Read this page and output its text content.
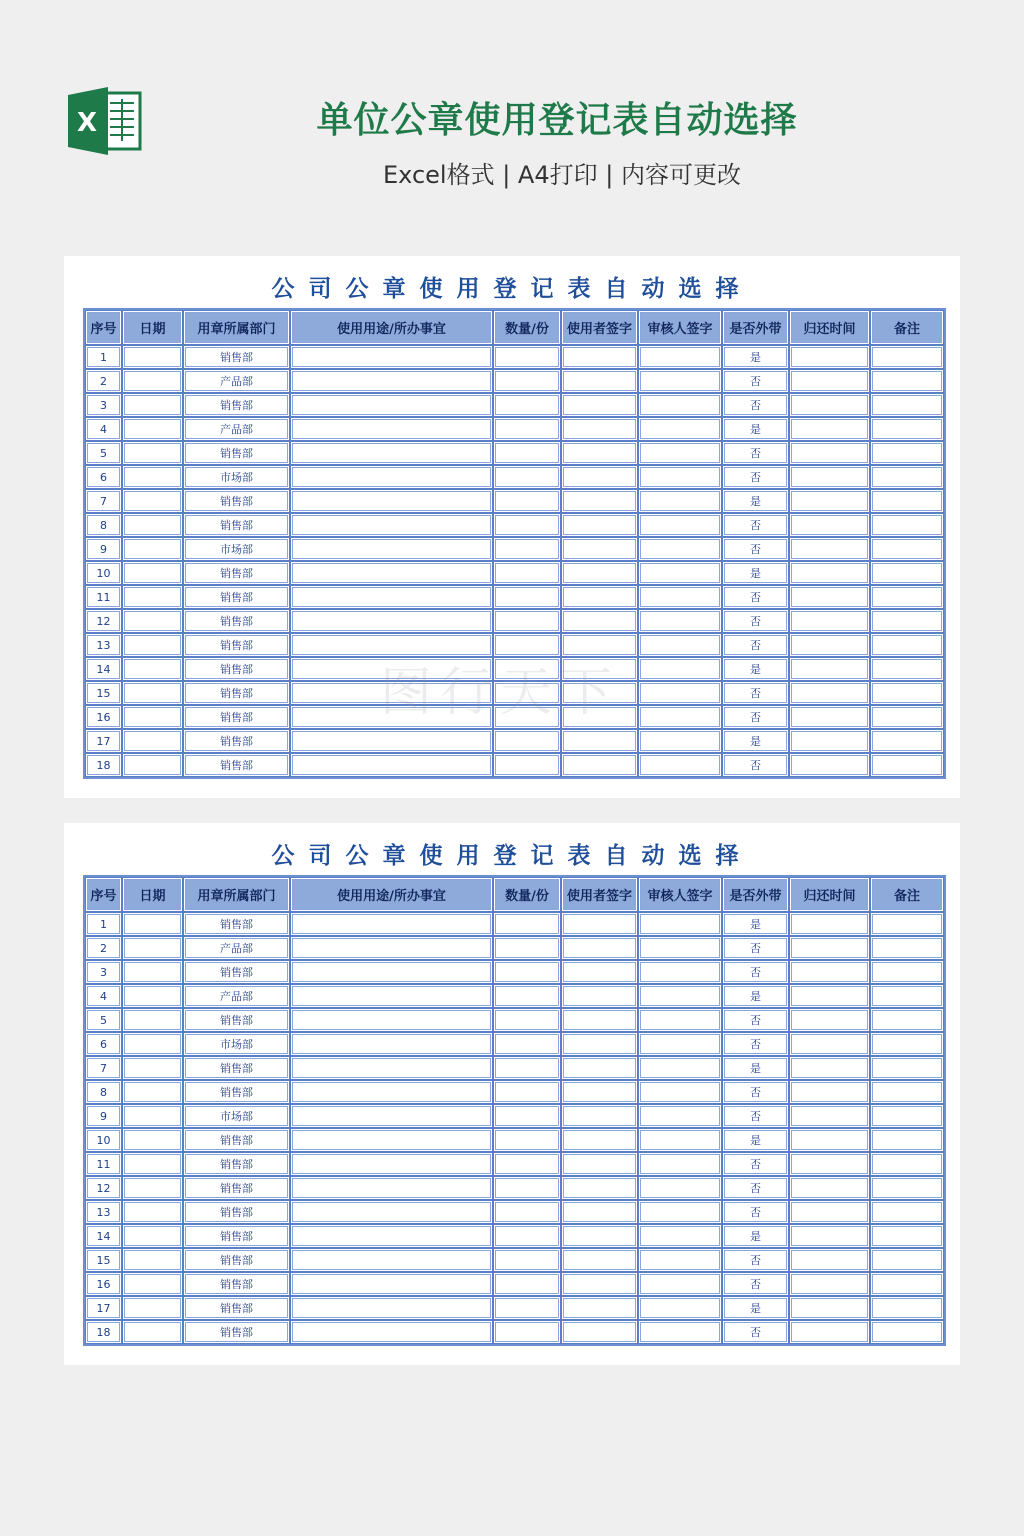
X	单位公章使用登记表自动选择
Excel格式 | A4打印 | 内容可更改
公司公章使用登记表自动选择
序号	日期	用章所属部门	使用用途/所办事宜	数量/份	使用者签字	审核人签字	是否外带	归还时间	备注
1		销售部					是		
2		产品部					否		
3		销售部					否		
4		产品部					是		
5		销售部					否		
6		市场部					否		
7		销售部					是		
8		销售部					否		
9		市场部					否		
10		销售部					是		
11		销售部					否		
12		销售部					否		
13		销售部					否		
14		销售部					是		
15		销售部					否		
16		销售部					否		
17		销售部					是		
18		销售部					否		
公司公章使用登记表自动选择
序号	日期	用章所属部门	使用用途/所办事宜	数量/份	使用者签字	审核人签字	是否外带	归还时间	备注
1		销售部					是		
2		产品部					否		
3		销售部					否		
4		产品部					是		
5		销售部					否		
6		市场部					否		
7		销售部					是		
8		销售部					否		
9		市场部					否		
10		销售部					是		
11		销售部					否		
12		销售部					否		
13		销售部					否		
14		销售部					是		
15		销售部					否		
16		销售部					否		
17		销售部					是		
18		销售部					否		
